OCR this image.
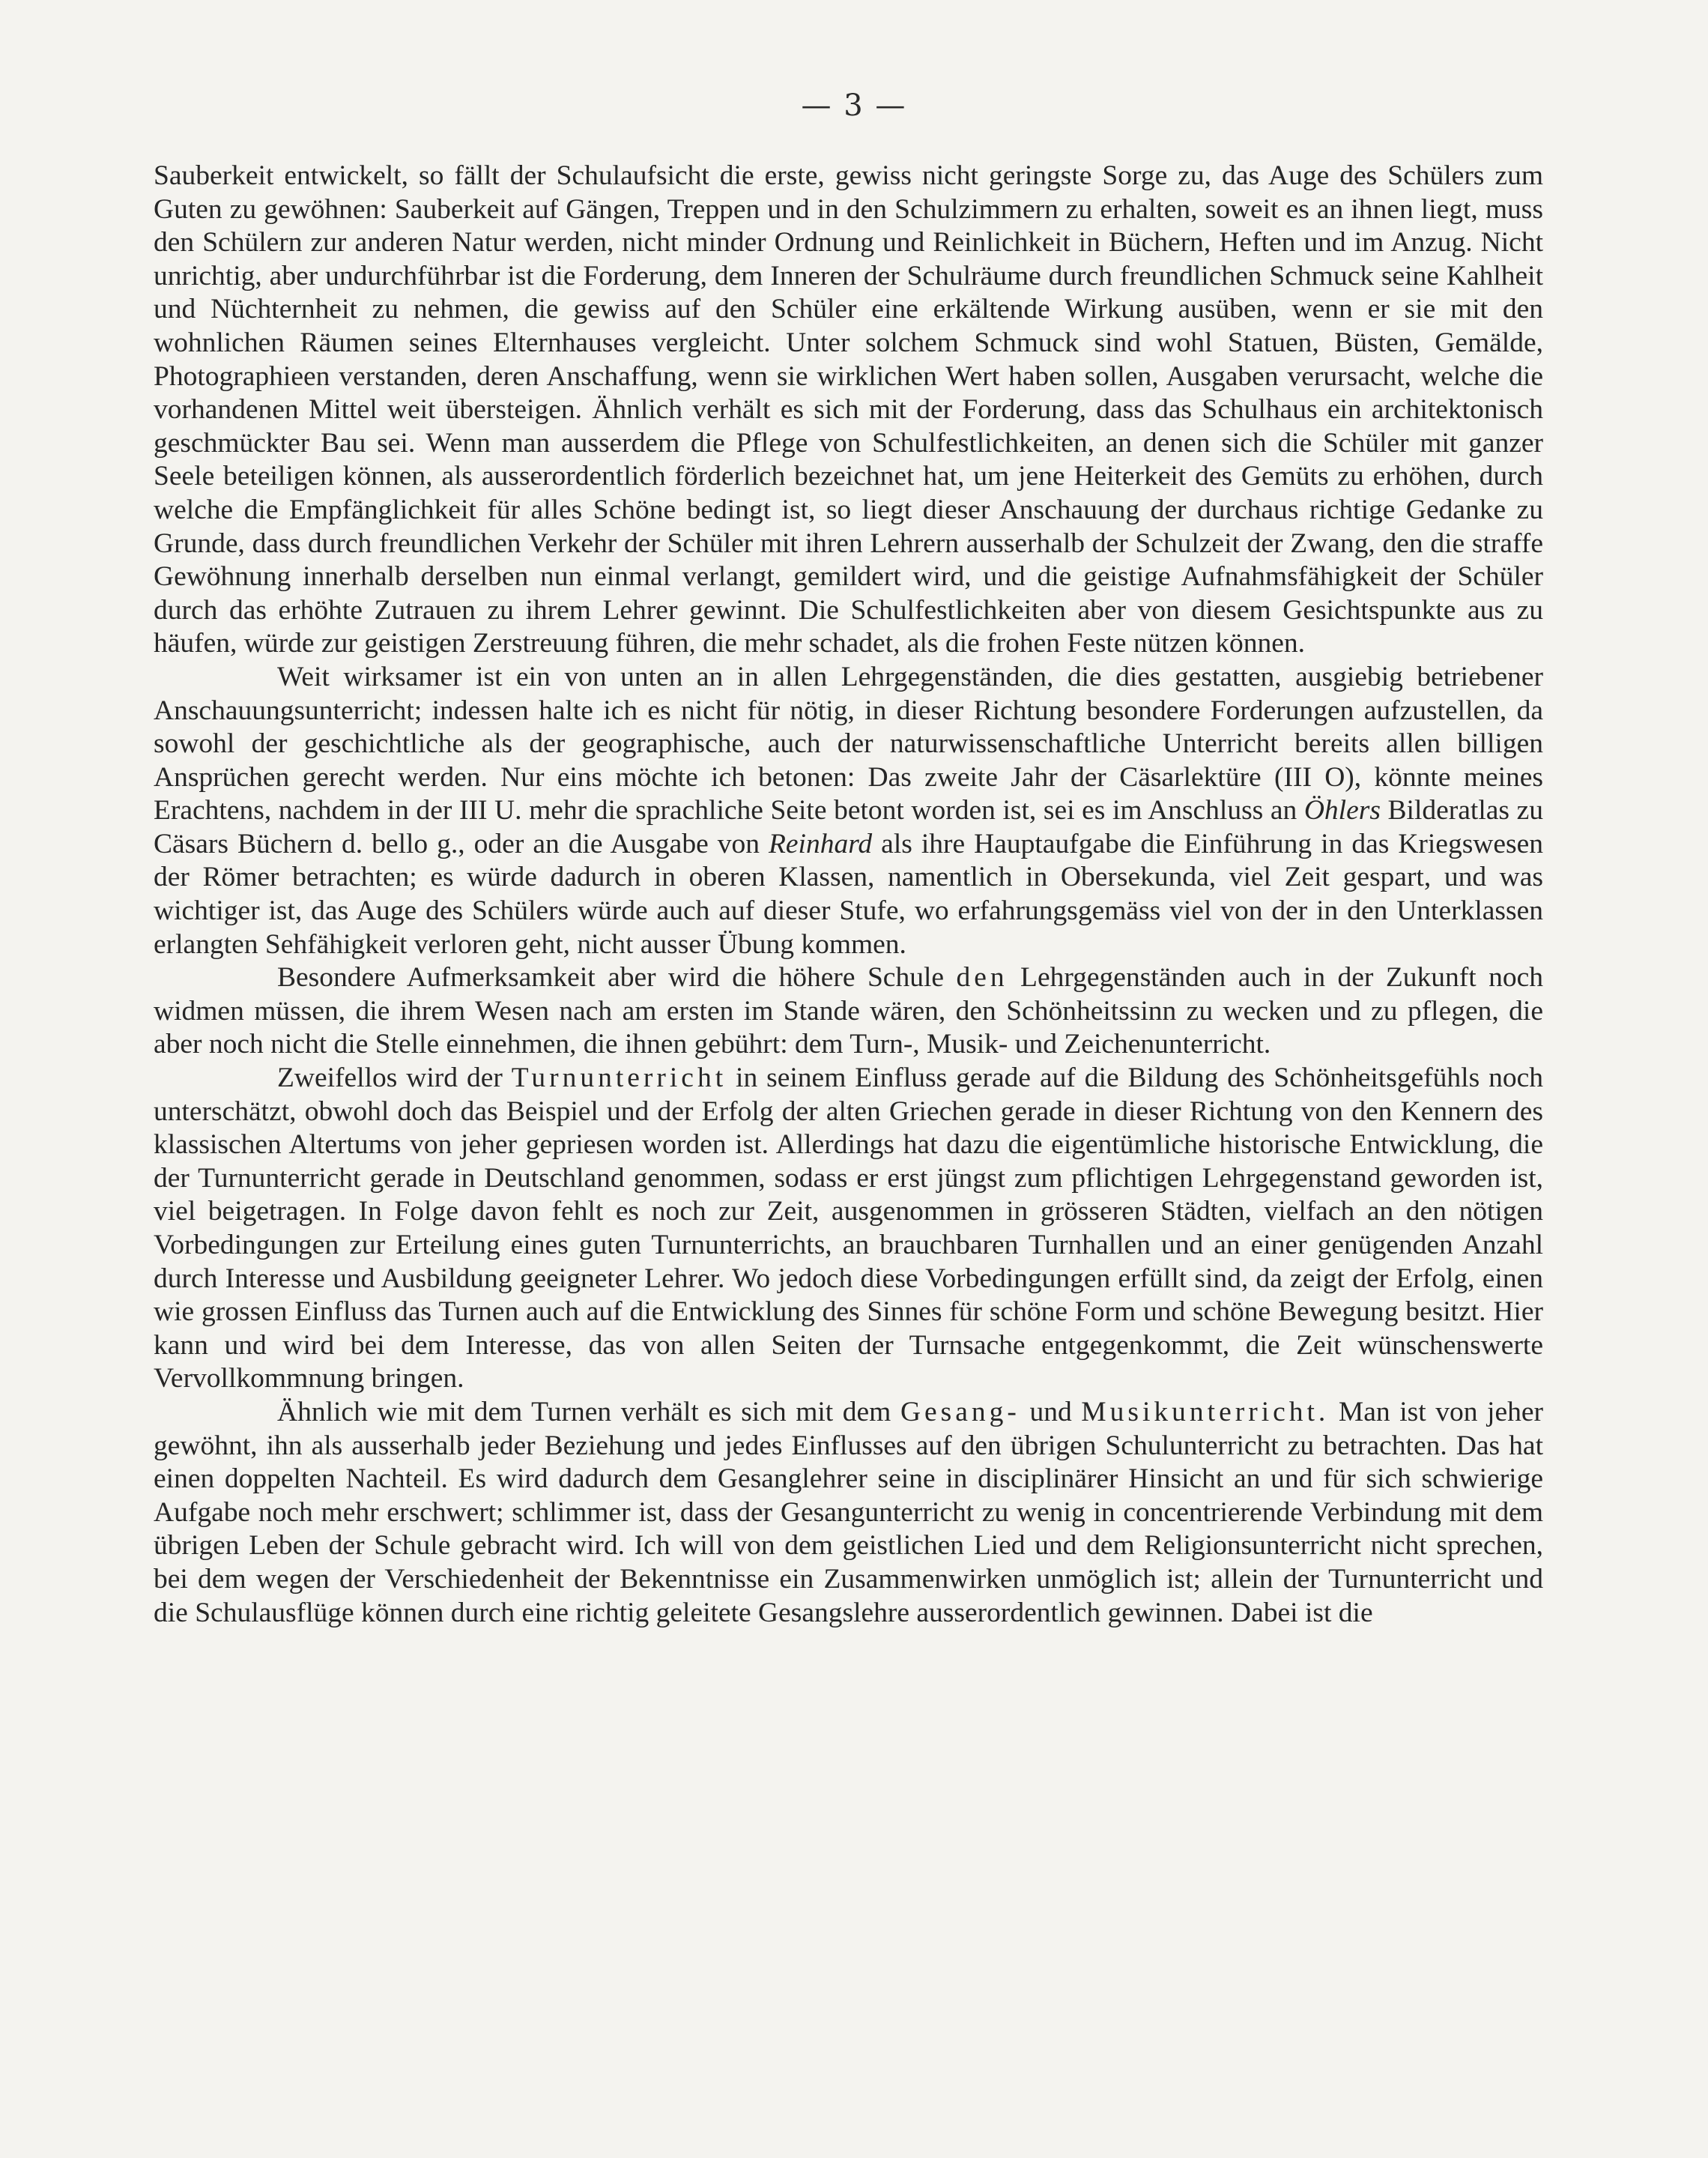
— 3 —

Sauberkeit entwickelt, so fällt der Schulaufsicht die erste, gewiss nicht geringste Sorge zu, das Auge des Schülers zum Guten zu gewöhnen: Sauberkeit auf Gängen, Treppen und in den Schulzimmern zu erhalten, soweit es an ihnen liegt, muss den Schülern zur anderen Natur werden, nicht minder Ordnung und Reinlichkeit in Büchern, Heften und im Anzug. Nicht unrichtig, aber undurchführbar ist die Forderung, dem Inneren der Schulräume durch freundlichen Schmuck seine Kahlheit und Nüchternheit zu nehmen, die gewiss auf den Schüler eine erkältende Wirkung ausüben, wenn er sie mit den wohnlichen Räumen seines Elternhauses vergleicht. Unter solchem Schmuck sind wohl Statuen, Büsten, Gemälde, Photographieen verstanden, deren Anschaffung, wenn sie wirklichen Wert haben sollen, Ausgaben verursacht, welche die vorhandenen Mittel weit übersteigen. Ähnlich verhält es sich mit der Forderung, dass das Schulhaus ein architektonisch geschmückter Bau sei. Wenn man ausserdem die Pflege von Schulfestlichkeiten, an denen sich die Schüler mit ganzer Seele beteiligen können, als ausserordentlich förderlich bezeichnet hat, um jene Heiterkeit des Gemüts zu erhöhen, durch welche die Empfänglichkeit für alles Schöne bedingt ist, so liegt dieser Anschauung der durchaus richtige Gedanke zu Grunde, dass durch freundlichen Verkehr der Schüler mit ihren Lehrern ausserhalb der Schulzeit der Zwang, den die straffe Gewöhnung innerhalb derselben nun einmal verlangt, gemildert wird, und die geistige Aufnahmsfähigkeit der Schüler durch das erhöhte Zutrauen zu ihrem Lehrer gewinnt. Die Schulfestlichkeiten aber von diesem Gesichtspunkte aus zu häufen, würde zur geistigen Zerstreuung führen, die mehr schadet, als die frohen Feste nützen können.

Weit wirksamer ist ein von unten an in allen Lehrgegenständen, die dies gestatten, ausgiebig betriebener Anschauungsunterricht; indessen halte ich es nicht für nötig, in dieser Richtung besondere Forderungen aufzustellen, da sowohl der geschichtliche als der geographische, auch der naturwissenschaftliche Unterricht bereits allen billigen Ansprüchen gerecht werden. Nur eins möchte ich betonen: Das zweite Jahr der Cäsarlektüre (III O), könnte meines Erachtens, nachdem in der III U. mehr die sprachliche Seite betont worden ist, sei es im Anschluss an Öhlers Bilderatlas zu Cäsars Büchern d. bello g., oder an die Ausgabe von Reinhard als ihre Hauptaufgabe die Einführung in das Kriegswesen der Römer betrachten; es würde dadurch in oberen Klassen, namentlich in Obersekunda, viel Zeit gespart, und was wichtiger ist, das Auge des Schülers würde auch auf dieser Stufe, wo erfahrungsgemäss viel von der in den Unterklassen erlangten Sehfähigkeit verloren geht, nicht ausser Übung kommen.

Besondere Aufmerksamkeit aber wird die höhere Schule den Lehrgegenständen auch in der Zukunft noch widmen müssen, die ihrem Wesen nach am ersten im Stande wären, den Schönheitssinn zu wecken und zu pflegen, die aber noch nicht die Stelle einnehmen, die ihnen gebührt: dem Turn-, Musik- und Zeichenunterricht.

Zweifellos wird der Turnunterricht in seinem Einfluss gerade auf die Bildung des Schönheitsgefühls noch unterschätzt, obwohl doch das Beispiel und der Erfolg der alten Griechen gerade in dieser Richtung von den Kennern des klassischen Altertums von jeher gepriesen worden ist. Allerdings hat dazu die eigentümliche historische Entwicklung, die der Turnunterricht gerade in Deutschland genommen, sodass er erst jüngst zum pflichtigen Lehrgegenstand geworden ist, viel beigetragen. In Folge davon fehlt es noch zur Zeit, ausgenommen in grösseren Städten, vielfach an den nötigen Vorbedingungen zur Erteilung eines guten Turnunterrichts, an brauchbaren Turnhallen und an einer genügenden Anzahl durch Interesse und Ausbildung geeigneter Lehrer. Wo jedoch diese Vorbedingungen erfüllt sind, da zeigt der Erfolg, einen wie grossen Einfluss das Turnen auch auf die Entwicklung des Sinnes für schöne Form und schöne Bewegung besitzt. Hier kann und wird bei dem Interesse, das von allen Seiten der Turnsache entgegenkommt, die Zeit wünschenswerte Vervollkommnung bringen.

Ähnlich wie mit dem Turnen verhält es sich mit dem Gesang- und Musikunterricht. Man ist von jeher gewöhnt, ihn als ausserhalb jeder Beziehung und jedes Einflusses auf den übrigen Schulunterricht zu betrachten. Das hat einen doppelten Nachteil. Es wird dadurch dem Gesanglehrer seine in disciplinärer Hinsicht an und für sich schwierige Aufgabe noch mehr erschwert; schlimmer ist, dass der Gesangunterricht zu wenig in concentrierende Verbindung mit dem übrigen Leben der Schule gebracht wird. Ich will von dem geistlichen Lied und dem Religionsunterricht nicht sprechen, bei dem wegen der Verschiedenheit der Bekenntnisse ein Zusammenwirken unmöglich ist; allein der Turnunterricht und die Schulausflüge können durch eine richtig geleitete Gesangslehre ausserordentlich gewinnen. Dabei ist die
